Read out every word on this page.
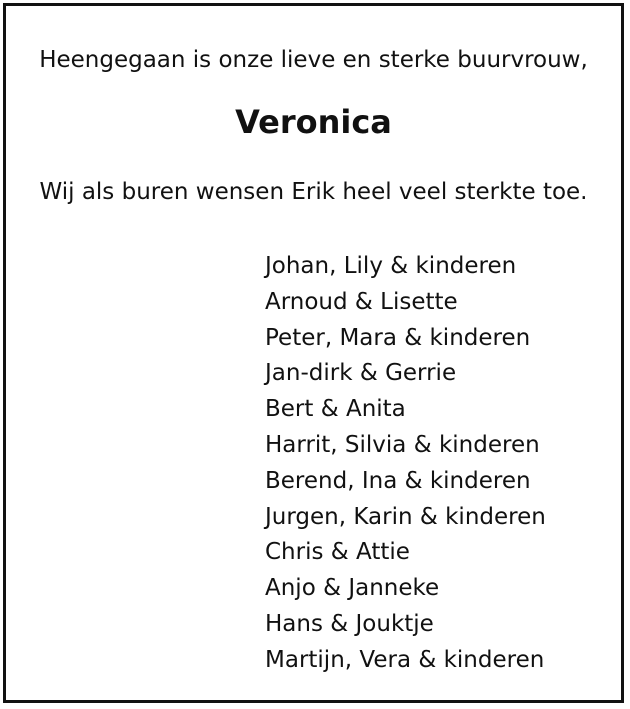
Heengegaan is onze lieve en sterke buurvrouw,
Veronica
Wij als buren wensen Erik heel veel sterkte toe.
Johan, Lily & kinderen
Arnoud & Lisette
Peter, Mara & kinderen
Jan-dirk & Gerrie
Bert & Anita
Harrit, Silvia & kinderen
Berend, Ina & kinderen
Jurgen, Karin & kinderen
Chris & Attie
Anjo & Janneke
Hans & Jouktje
Martijn, Vera & kinderen
